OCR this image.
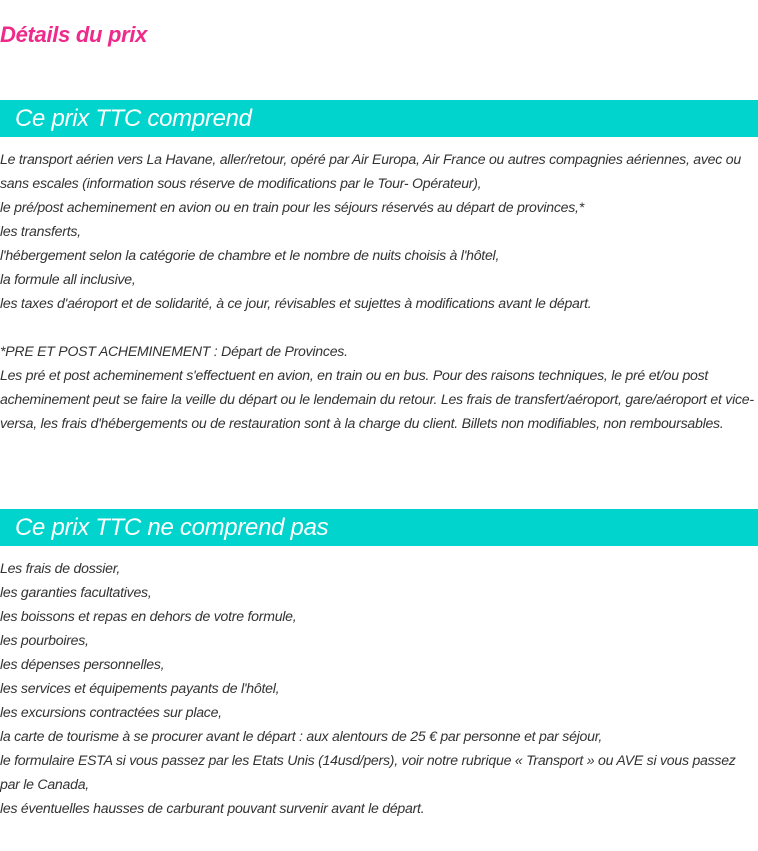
Détails du prix
Ce prix TTC comprend
Le transport aérien vers La Havane, aller/retour, opéré par Air Europa, Air France ou autres compagnies aériennes, avec ou sans escales (information sous réserve de modifications par le Tour- Opérateur),
le pré/post acheminement en avion ou en train pour les séjours réservés au départ de provinces,*
les transferts,
l'hébergement selon la catégorie de chambre et le nombre de nuits choisis à l'hôtel,
la formule all inclusive,
les taxes d'aéroport et de solidarité, à ce jour, révisables et sujettes à modifications avant le départ.
*PRE ET POST ACHEMINEMENT : Départ de Provinces.
Les pré et post acheminement s'effectuent en avion, en train ou en bus. Pour des raisons techniques, le pré et/ou post acheminement peut se faire la veille du départ ou le lendemain du retour. Les frais de transfert/aéroport, gare/aéroport et vice-versa, les frais d'hébergements ou de restauration sont à la charge du client. Billets non modifiables, non remboursables.
Ce prix TTC ne comprend pas
Les frais de dossier,
les garanties facultatives,
les boissons et repas en dehors de votre formule,
les pourboires,
les dépenses personnelles,
les services et équipements payants de l'hôtel,
les excursions contractées sur place,
la carte de tourisme à se procurer avant le départ : aux alentours de 25 € par personne et par séjour,
le formulaire ESTA si vous passez par les Etats Unis (14usd/pers), voir notre rubrique « Transport » ou AVE si vous passez par le Canada,
les éventuelles hausses de carburant pouvant survenir avant le départ.
